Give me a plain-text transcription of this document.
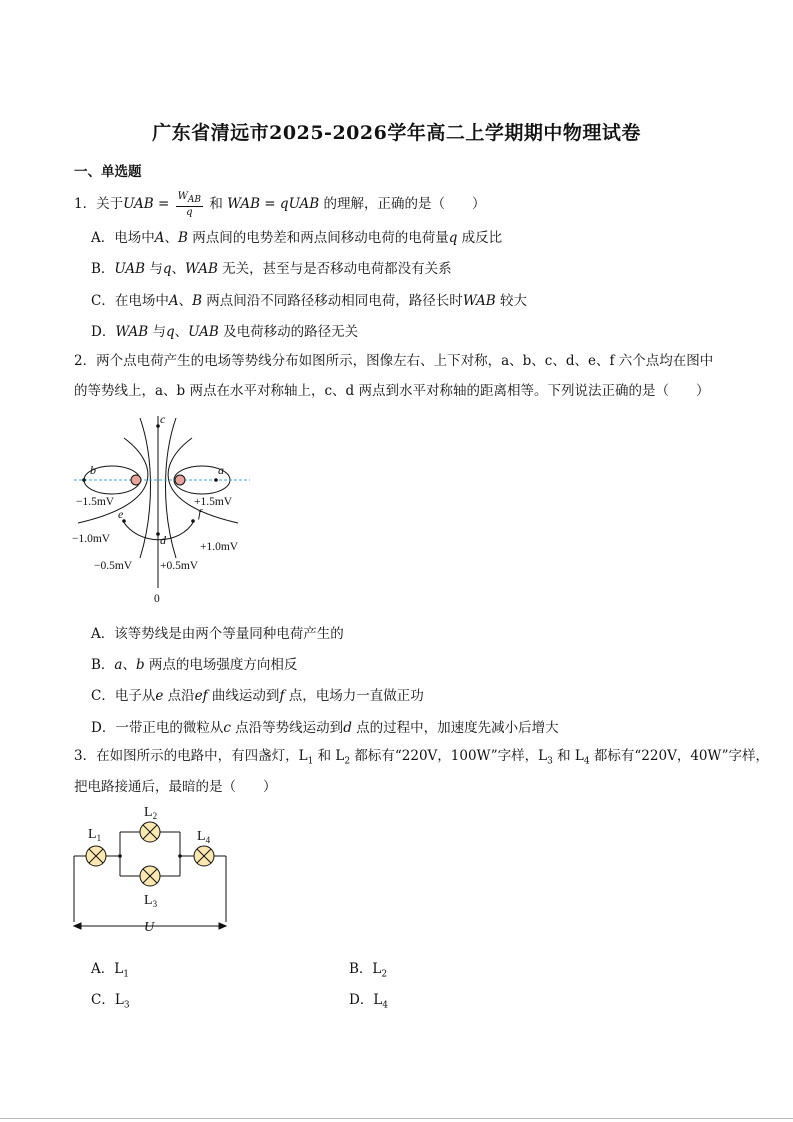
广东省清远市2025-2026学年高二上学期期中物理试卷
一、单选题
1．关于UAB = $\frac{W_{AB}}{q}$ 和 WAB = qUAB 的理解，正确的是（　　）
A．电场中A、B 两点间的电势差和两点间移动电荷的电荷量q 成反比
B．UAB 与q、WAB 无关，甚至与是否移动电荷都没有关系
C．在电场中A、B 两点间沿不同路径移动相同电荷，路径长时WAB 较大
D．WAB 与q、UAB 及电荷移动的路径无关
2．两个点电荷产生的电场等势线分布如图所示，图像左右、上下对称，a、b、c、d、e、f 六个点均在图中
的等势线上，a、b 两点在水平对称轴上，c、d 两点到水平对称轴的距离相等。下列说法正确的是（　　）
c
b	a
e	f
d
−1.5mV	+1.5mV
−1.0mV
+1.0mV
−0.5mV +0.5mV
0
A．该等势线是由两个等量同种电荷产生的
B．a、b 两点的电场强度方向相反
C．电子从e 点沿ef 曲线运动到f 点，电场力一直做正功
D．一带正电的微粒从c 点沿等势线运动到d 点的过程中，加速度先减小后增大
3．在如图所示的电路中，有四盏灯，$L_1$ 和 $L_2$ 都标有“220V，100W”字样，$L_3$ 和 $L_4$ 都标有“220V，40W”字样，
把电路接通后，最暗的是（　　）
$L_1$
$L_2$
$L_3$
$L_4$
U
A．$L_1$	B．$L_2$
C．$L_3$	D．$L_4$
